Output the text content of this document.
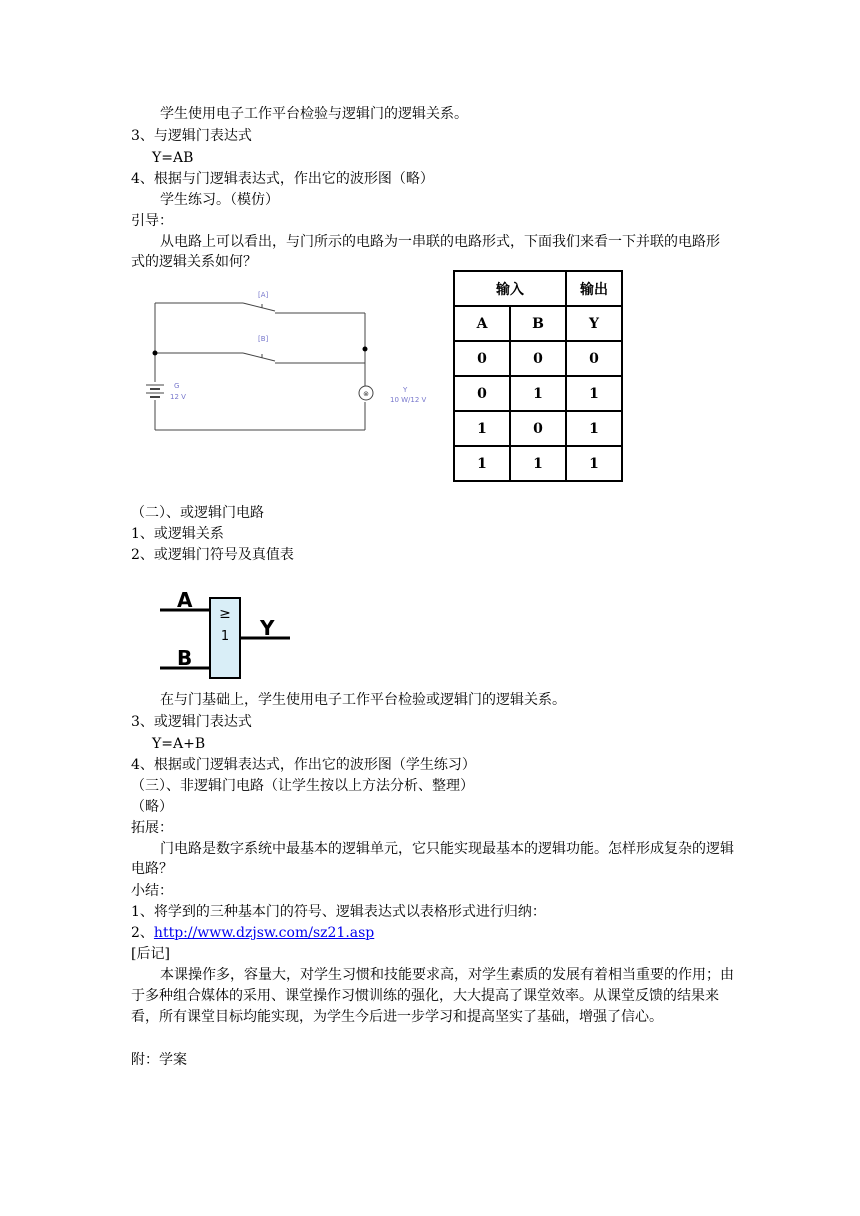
学生使用电子工作平台检验与逻辑门的逻辑关系。
3、与逻辑门表达式
Y=AB
4、根据与门逻辑表达式，作出它的波形图（略）
学生练习。（模仿）
引导：
从电路上可以看出，与门所示的电路为一串联的电路形式，下面我们来看一下并联的电路形式的逻辑关系如何？
⊗
[A]
[B]
G
12 V
Y
10 W/12 V
输入		输出
A	B	Y
0	0	0
0	1	1
1	0	1
1	1	1
（二）、或逻辑门电路
1、或逻辑关系
2、或逻辑门符号及真值表
≥
1
A
B
Y
在与门基础上，学生使用电子工作平台检验或逻辑门的逻辑关系。
3、或逻辑门表达式
Y=A+B
4、根据或门逻辑表达式，作出它的波形图（学生练习）
（三）、非逻辑门电路（让学生按以上方法分析、整理）
（略）
拓展：
门电路是数字系统中最基本的逻辑单元，它只能实现最基本的逻辑功能。怎样形成复杂的逻辑电路？
小结：
1、将学到的三种基本门的符号、逻辑表达式以表格形式进行归纳：
2、http://www.dzjsw.com/sz21.asp
[后记]
本课操作多，容量大，对学生习惯和技能要求高，对学生素质的发展有着相当重要的作用；由于多种组合媒体的采用、课堂操作习惯训练的强化，大大提高了课堂效率。从课堂反馈的结果来看，所有课堂目标均能实现，为学生今后进一步学习和提高坚实了基础，增强了信心。
附：学案
